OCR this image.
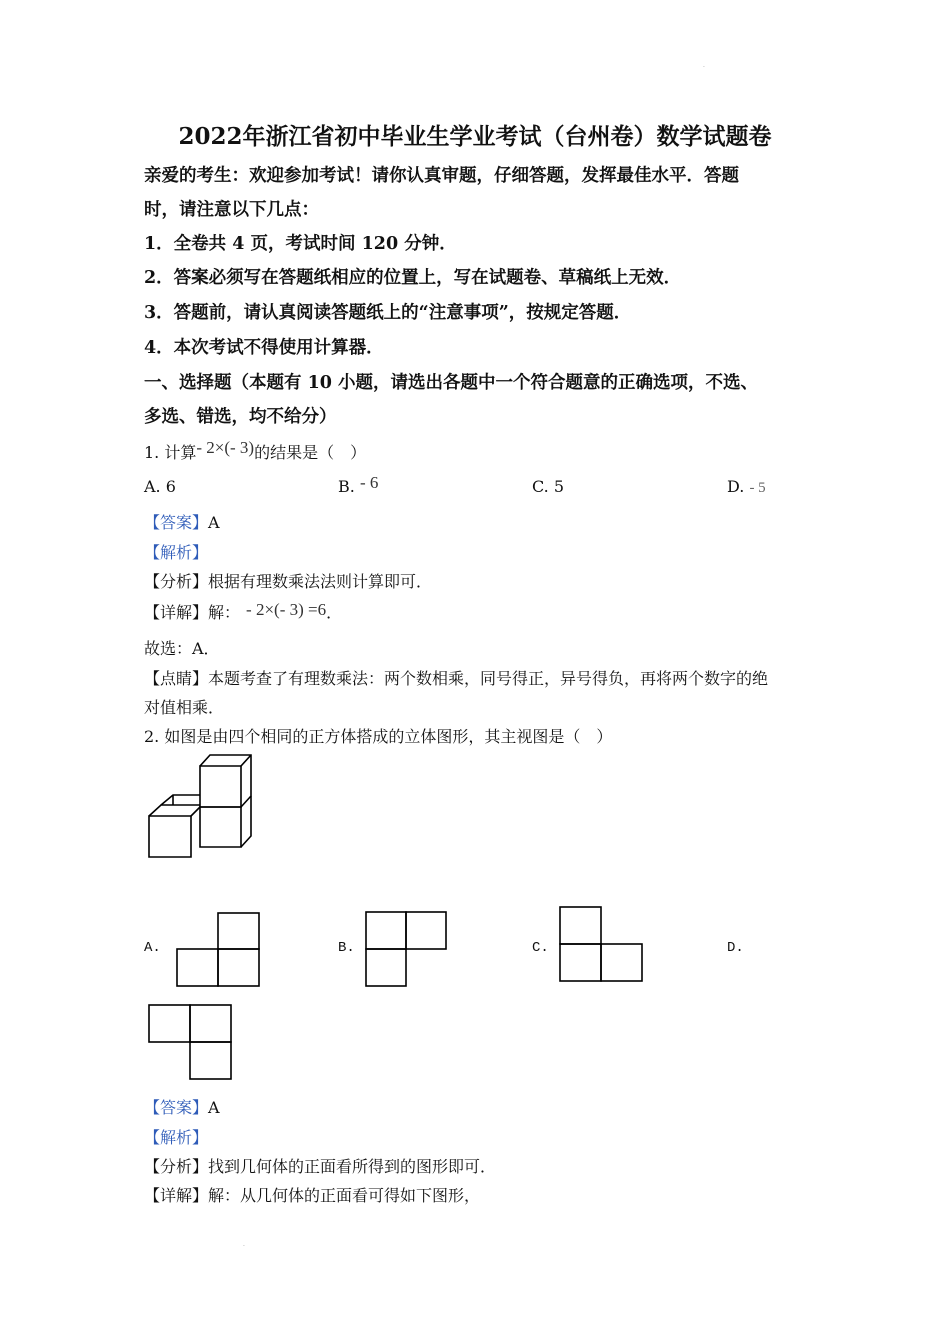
·
2022年浙江省初中毕业生学业考试（台州卷）数学试题卷
亲爱的考生：欢迎参加考试！请你认真审题，仔细答题，发挥最佳水平．答题
时，请注意以下几点：
1．全卷共 4 页，考试时间 120 分钟．
2．答案必须写在答题纸相应的位置上，写在试题卷、草稿纸上无效．
3．答题前，请认真阅读答题纸上的“注意事项”，按规定答题．
4．本次考试不得使用计算器．
一、选择题（本题有 10 小题，请选出各题中一个符合题意的正确选项，不选、
多选、错选，均不给分）
1. 计算- 2×(- 3)的结果是（　）
A. 6	B. - 6	C. 5	D. - 5
【答案】A
【解析】
【分析】根据有理数乘法法则计算即可．
【详解】解： - 2×(- 3) =6．
故选：A．
【点睛】本题考查了有理数乘法：两个数相乘，同号得正，异号得负，再将两个数字的绝
对值相乘．
2. 如图是由四个相同的正方体搭成的立体图形，其主视图是（　）
A.	B.	C.	D.
【答案】A
【解析】
【分析】找到几何体的正面看所得到的图形即可．
【详解】解：从几何体的正面看可得如下图形，
·
